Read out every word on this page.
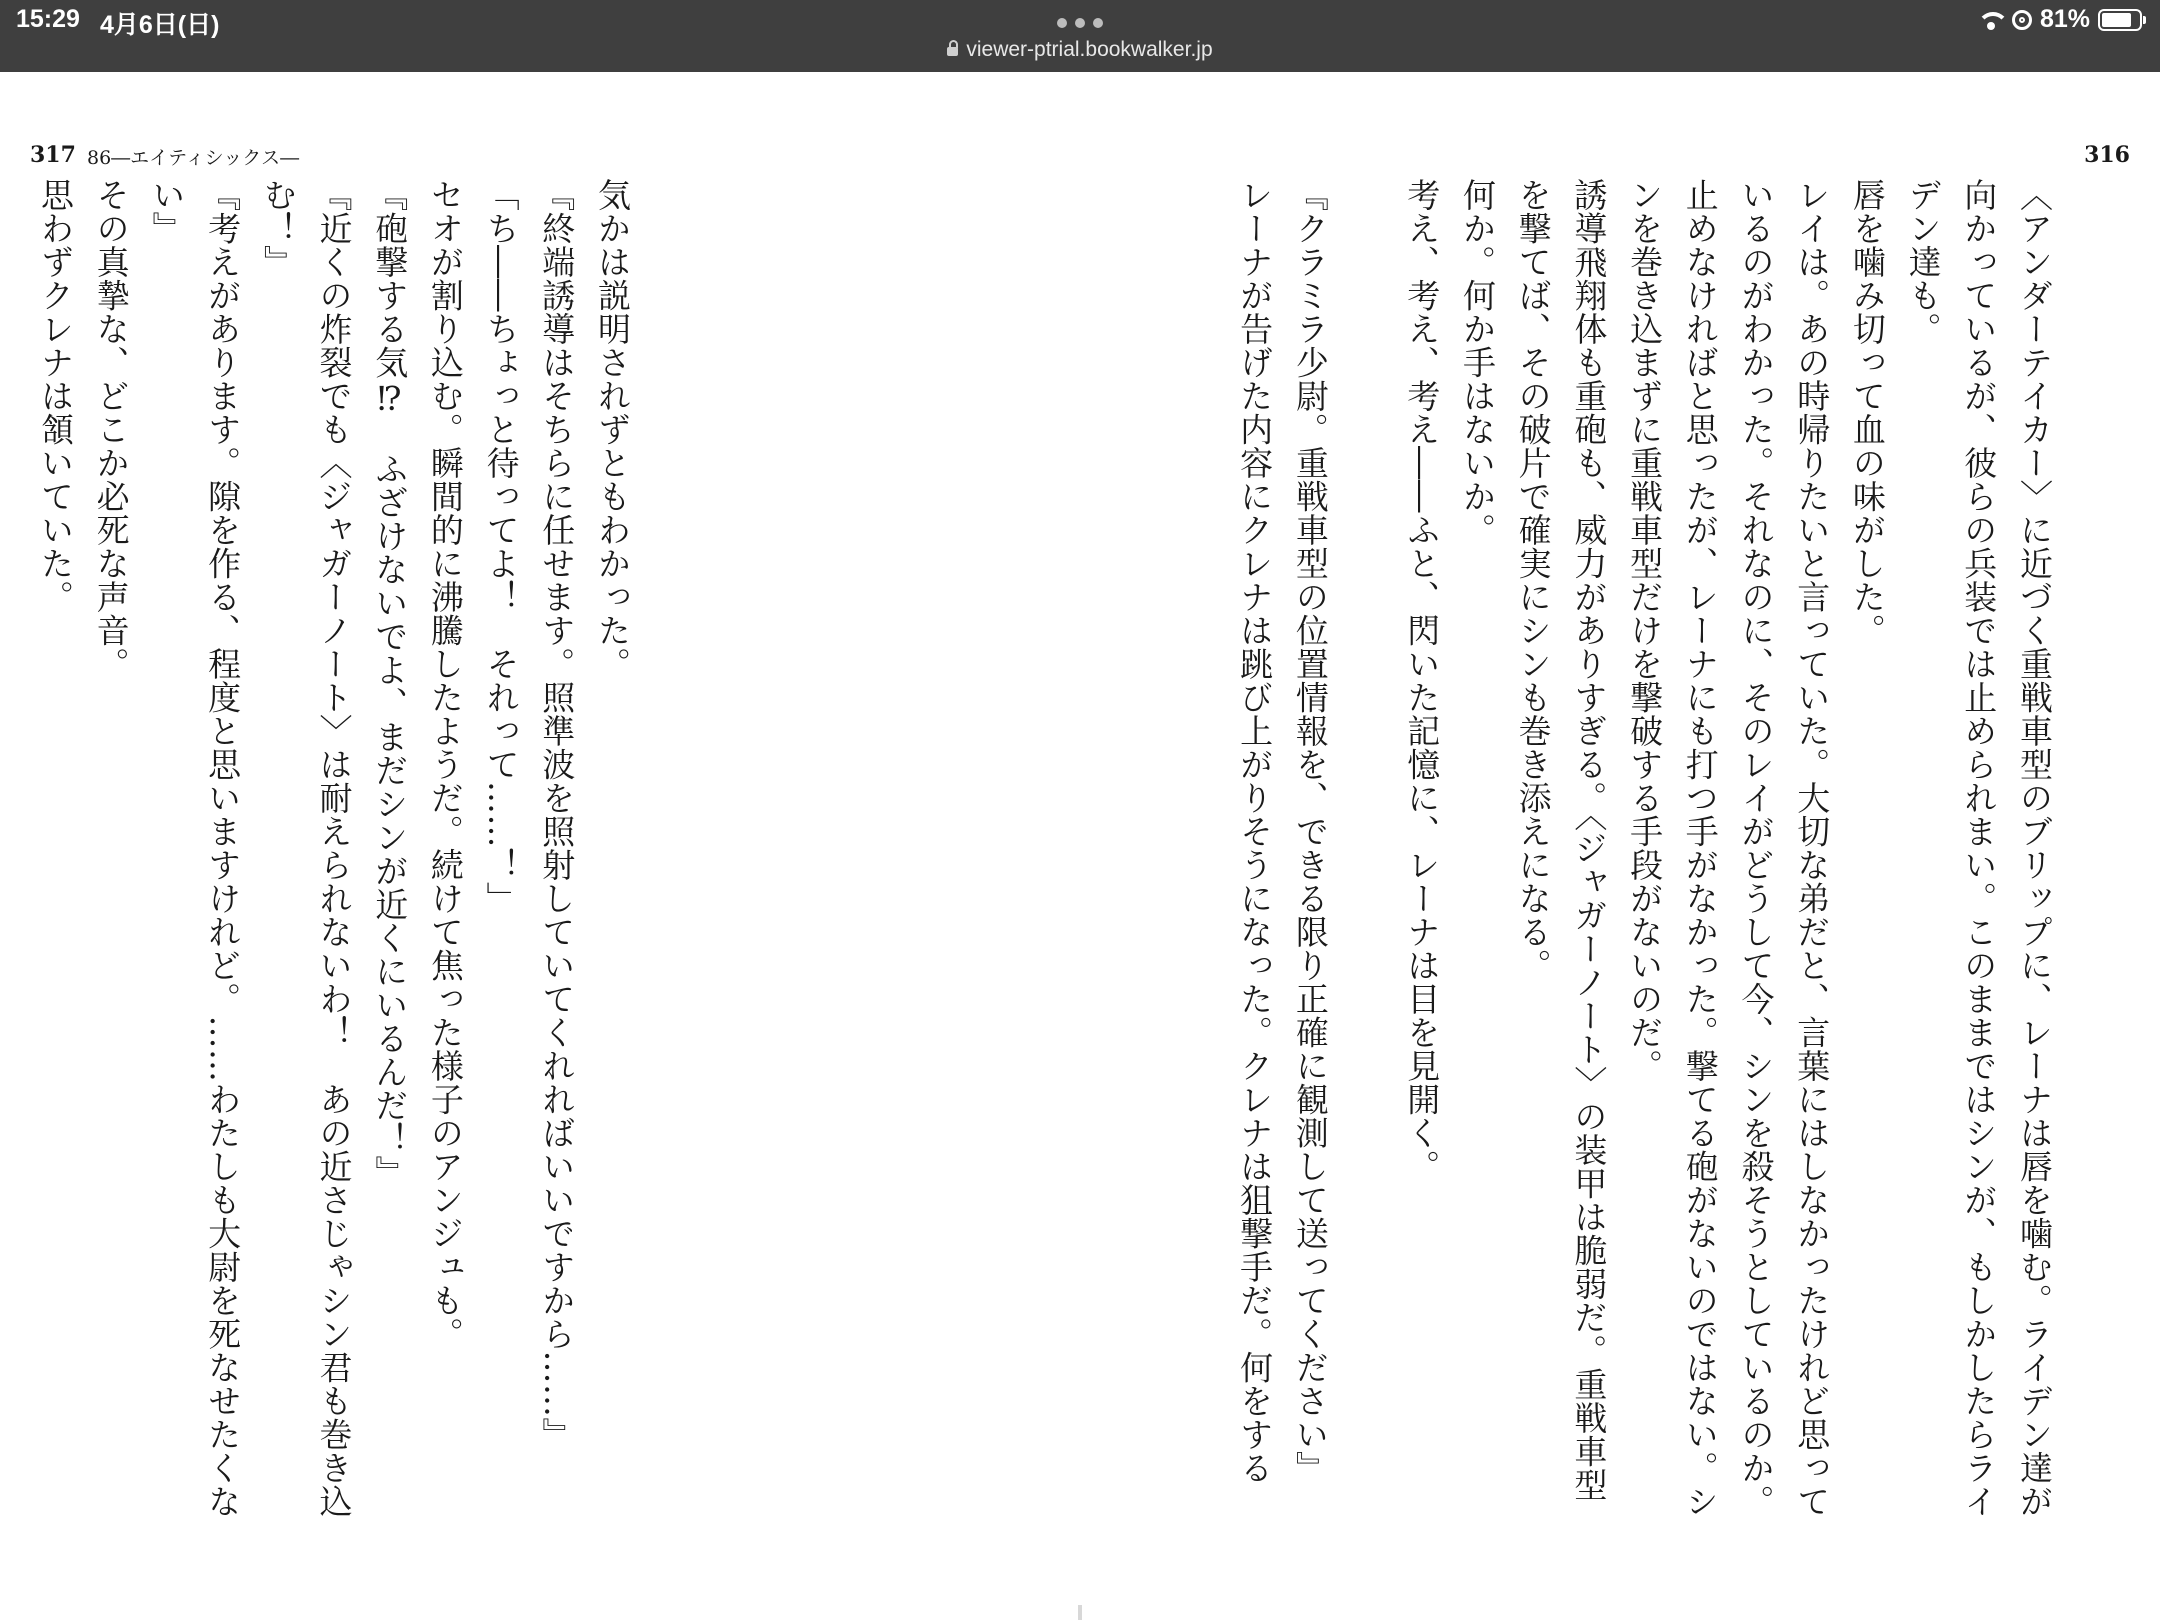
15:29 4月6日(日)
viewer-ptrial.bookwalker.jp
81%
317 86―エイティシックス―	316

〈アンダーテイカー〉に近づく重戦車型のブリップに、レーナは唇を噛む。ライデン達が向かっているが、彼らの兵装では止められまい。このままではシンが、もしかしたらライデン達も。

唇を噛み切って血の味がした。

レイは。あの時帰りたいと言っていた。大切な弟だと、言葉にはしなかったけれど思っているのがわかった。それなのに、そのレイがどうして今、シンを殺そうとしているのか。

止めなければと思ったが、レーナにも打つ手がなかった。撃てる砲がないのではない。シンを巻き込まずに重戦車型だけを撃破する手段がないのだ。

誘導飛翔体も重砲も、威力がありすぎる。〈ジャガーノート〉の装甲は脆弱だ。重戦車型を撃てば、その破片で確実にシンも巻き添えになる。

何か。何か手はないか。

考え、考え、考え――ふと、閃いた記憶に、レーナは目を見開く。

『クラミラ少尉。重戦車型の位置情報を、できる限り正確に観測して送ってください』

レーナが告げた内容にクレナは跳び上がりそうになった。クレナは狙撃手だ。何をする

気かは説明されずともわかった。

『終端誘導はそちらに任せます。照準波を照射していてくれればいいですから……』

「ち――ちょっと待ってよ！　それって……！」

セオが割り込む。瞬間的に沸騰したようだ。続けて焦った様子のアンジュも。

『砲撃する気⁉　ふざけないでよ、まだシンが近くにいるんだ！』

『近くの炸裂でも〈ジャガーノート〉は耐えられないわ！　あの近さじゃシン君も巻き込む！』

『考えがあります。隙を作る、程度と思いますけれど。……わたしも大尉を死なせたくない』

その真摯な、どこか必死な声音。

思わずクレナは頷いていた。
